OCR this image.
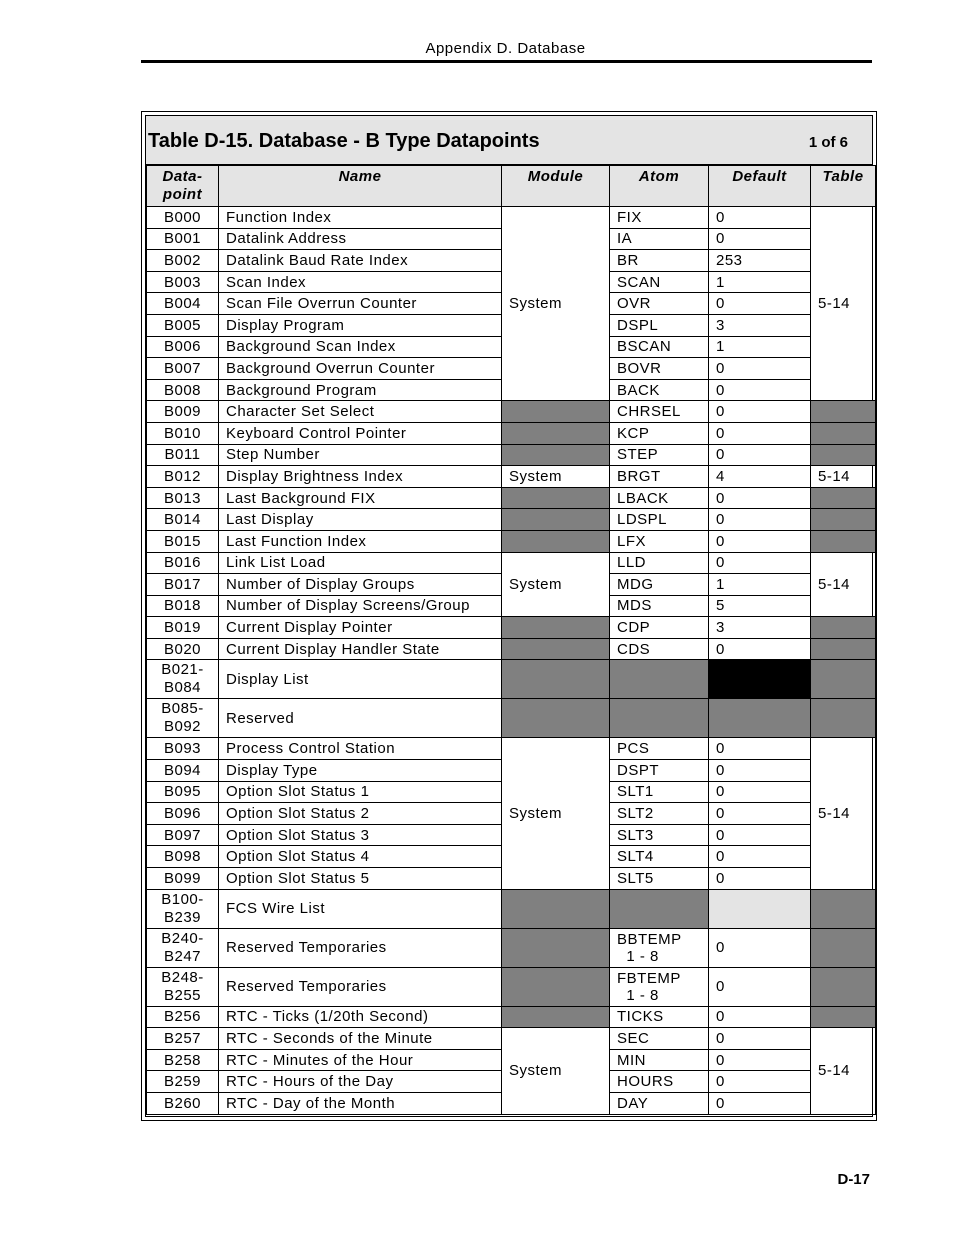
Appendix D. Database
Table D-15. Database - B Type Datapoints	1 of 6
Data-
point	Name	Module	Atom	Default	Table
B000	Function Index	System	FIX	0	5-14
B001	Datalink Address		IA	0	
B002	Datalink Baud Rate Index		BR	253	
B003	Scan Index		SCAN	1	
B004	Scan File Overrun Counter		OVR	0	
B005	Display Program		DSPL	3	
B006	Background Scan Index		BSCAN	1	
B007	Background Overrun Counter		BOVR	0	
B008	Background Program		BACK	0	
B009	Character Set Select		CHRSEL	0	
B010	Keyboard Control Pointer		KCP	0	
B011	Step Number		STEP	0	
B012	Display Brightness Index	System	BRGT	4	5-14
B013	Last Background FIX		LBACK	0	
B014	Last Display		LDSPL	0	
B015	Last Function Index		LFX	0	
B016	Link List Load	System	LLD	0	5-14
B017	Number of Display Groups		MDG	1	
B018	Number of Display Screens/Group		MDS	5	
B019	Current Display Pointer		CDP	3	
B020	Current Display Handler State		CDS	0	
B021-
B084	Display List				
B085-
B092	Reserved				
B093	Process Control Station	System	PCS	0	5-14
B094	Display Type		DSPT	0	
B095	Option Slot Status 1		SLT1	0	
B096	Option Slot Status 2		SLT2	0	
B097	Option Slot Status 3		SLT3	0	
B098	Option Slot Status 4		SLT4	0	
B099	Option Slot Status 5		SLT5	0	
B100-
B239	FCS Wire List				
B240-
B247	Reserved Temporaries		BBTEMP
1 - 8	0	
B248-
B255	Reserved Temporaries		FBTEMP
1 - 8	0	
B256	RTC - Ticks (1/20th Second)		TICKS	0	
B257	RTC - Seconds of the Minute	System	SEC	0	5-14
B258	RTC - Minutes of the Hour		MIN	0	
B259	RTC - Hours of the Day		HOURS	0	
B260	RTC - Day of the Month		DAY	0	
D-17
